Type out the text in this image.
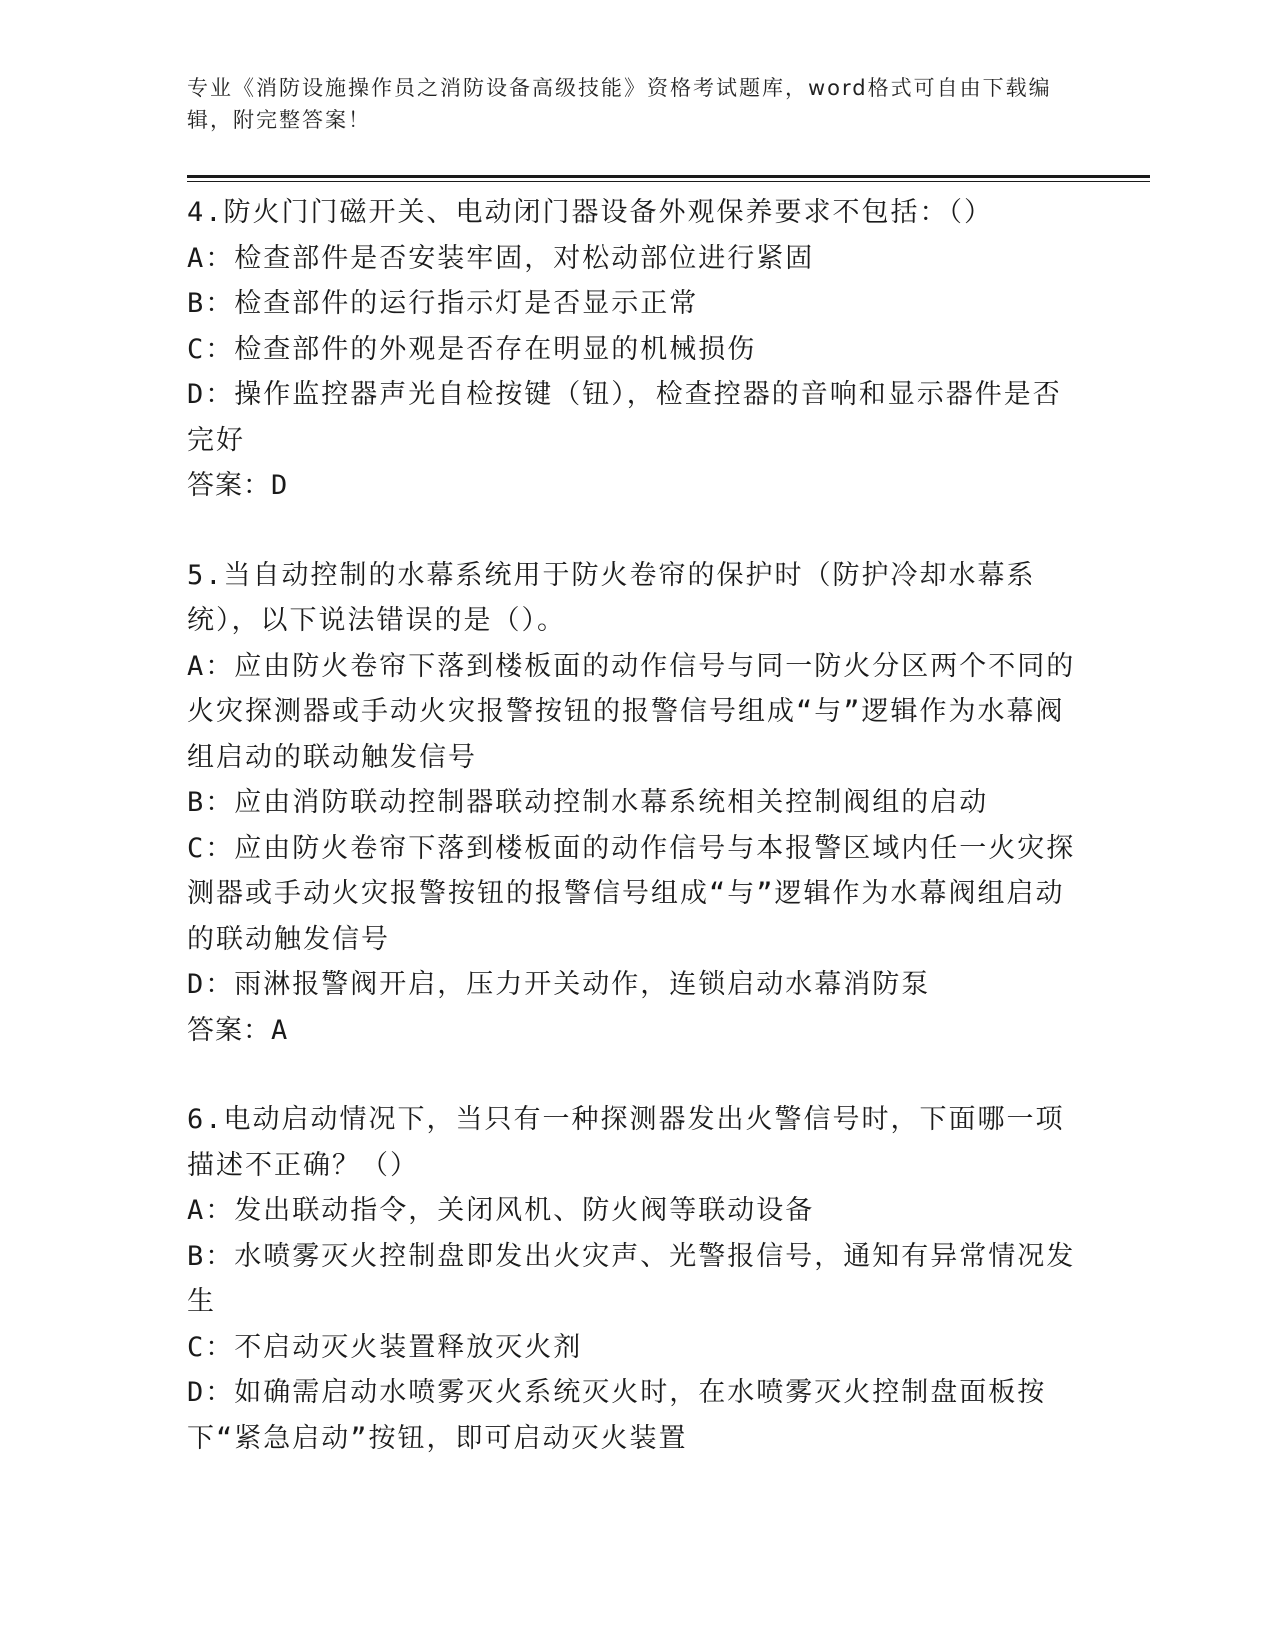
专业《消防设施操作员之消防设备高级技能》资格考试题库，word格式可自由下载编辑，附完整答案！
4.防火门门磁开关、电动闭门器设备外观保养要求不包括：（）
A：检查部件是否安装牢固，对松动部位进行紧固
B：检查部件的运行指示灯是否显示正常
C：检查部件的外观是否存在明显的机械损伤
D：操作监控器声光自检按键（钮），检查控器的音响和显示器件是否完好
答案：D
5.当自动控制的水幕系统用于防火卷帘的保护时（防护冷却水幕系统），以下说法错误的是（）。
A：应由防火卷帘下落到楼板面的动作信号与同一防火分区两个不同的火灾探测器或手动火灾报警按钮的报警信号组成“与”逻辑作为水幕阀组启动的联动触发信号
B：应由消防联动控制器联动控制水幕系统相关控制阀组的启动
C：应由防火卷帘下落到楼板面的动作信号与本报警区域内任一火灾探测器或手动火灾报警按钮的报警信号组成“与”逻辑作为水幕阀组启动的联动触发信号
D：雨淋报警阀开启，压力开关动作，连锁启动水幕消防泵
答案：A
6.电动启动情况下，当只有一种探测器发出火警信号时，下面哪一项描述不正确？（）
A：发出联动指令，关闭风机、防火阀等联动设备
B：水喷雾灭火控制盘即发出火灾声、光警报信号，通知有异常情况发生
C：不启动灭火装置释放灭火剂
D：如确需启动水喷雾灭火系统灭火时，在水喷雾灭火控制盘面板按下“紧急启动”按钮，即可启动灭火装置
